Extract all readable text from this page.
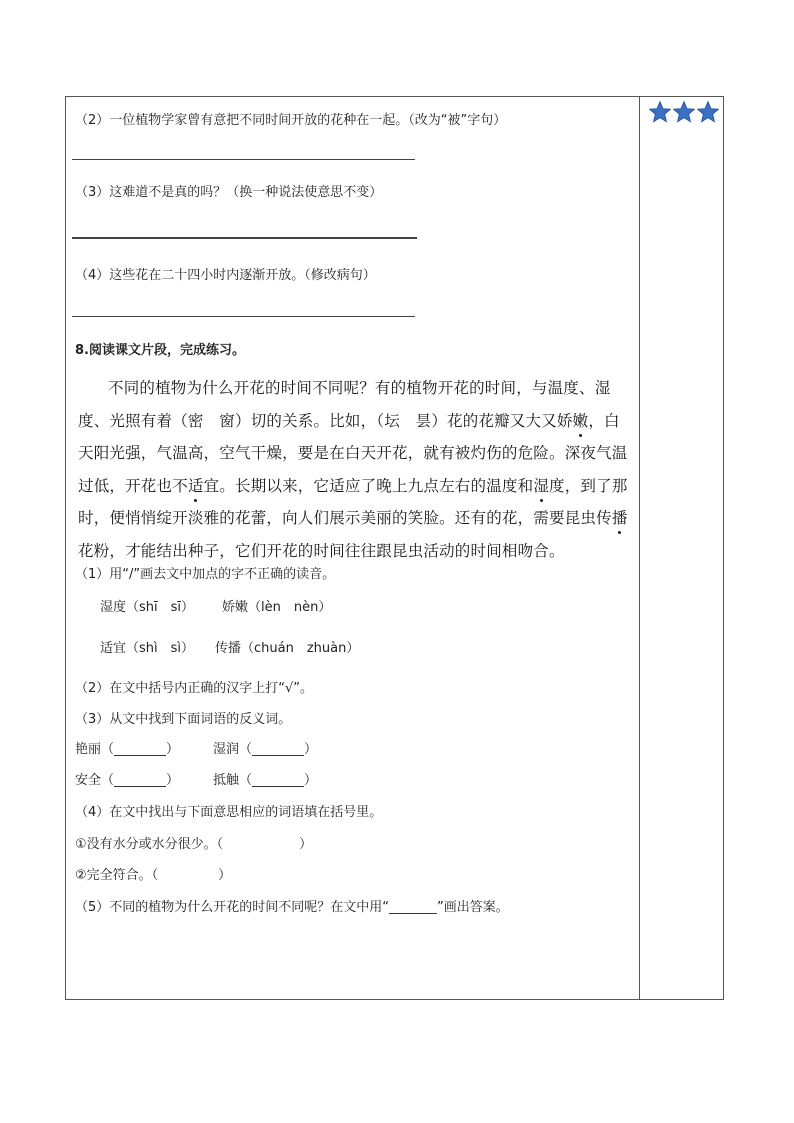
（2）一位植物学家曾有意把不同时间开放的花种在一起。（改为“被”字句）
（3）这难道不是真的吗？（换一种说法使意思不变）
（4）这些花在二十四小时内逐渐开放。（修改病句）
8.阅读课文片段，完成练习。
不同的植物为什么开花的时间不同呢？有的植物开花的时间，与温度、湿度、光照有着（密　窗）切的关系。比如，（坛　昙）花的花瓣又大又娇嫩，白天阳光强，气温高，空气干燥，要是在白天开花，就有被灼伤的危险。深夜气温过低，开花也不适宜。长期以来，它适应了晚上九点左右的温度和湿度，到了那时，便悄悄绽开淡雅的花蕾，向人们展示美丽的笑脸。还有的花，需要昆虫传播花粉，才能结出种子，它们开花的时间往往跟昆虫活动的时间相吻合。
（1）用“/”画去文中加点的字不正确的读音。
湿度（shī　sī） 娇嫩（lèn　nèn）
适宜（shì　sì） 传播（chuán　zhuàn）
（2）在文中括号内正确的汉字上打“√”。
（3）从文中找到下面词语的反义词。
艳丽（	）	湿润（	）
安全（	）	抵触（	）
（4）在文中找出与下面意思相应的词语填在括号里。
①没有水分或水分很少。（	）
②完全符合。（	）
（5）不同的植物为什么开花的时间不同呢？在文中用“	”画出答案。
